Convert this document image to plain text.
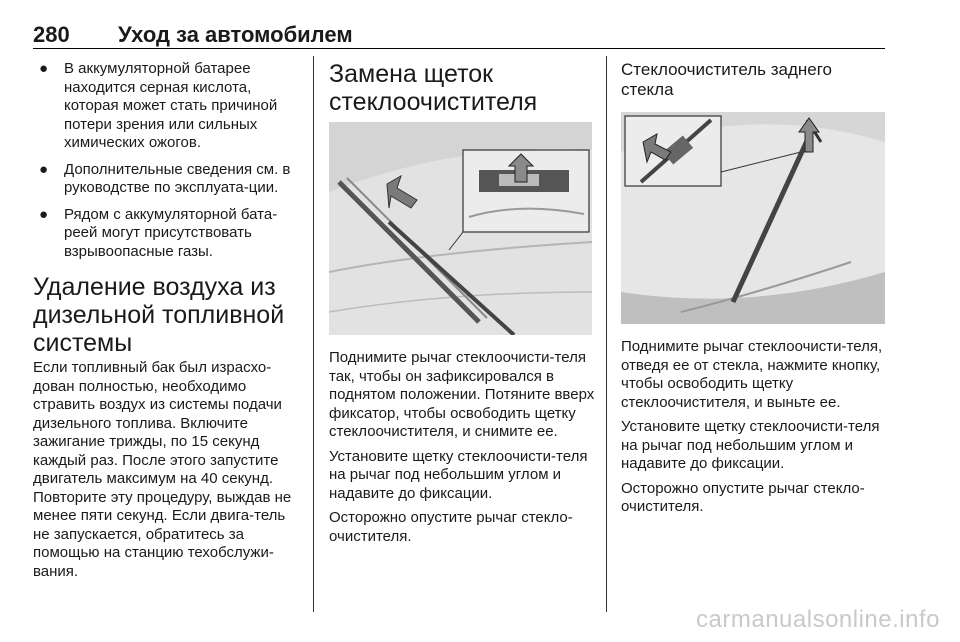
280 Уход за автомобилем
● В аккумуляторной батарее находится серная кислота, которая может стать причиной потери зрения или сильных химических ожогов.
● Дополнительные сведения см. в руководстве по эксплуата-ции.
● Рядом с аккумуляторной бата-реей могут присутствовать взрывоопасные газы.
Удаление воздуха из дизельной топливной системы

Если топливный бак был израсхо-дован полностью, необходимо стравить воздух из системы подачи дизельного топлива. Включите зажигание трижды, по 15 секунд каждый раз. После этого запустите двигатель максимум на 40 секунд. Повторите эту процедуру, выждав не менее пяти секунд. Если двига-тель не запускается, обратитесь за помощью на станцию техобслужи-вания.

Замена щеток стеклоочистителя

Поднимите рычаг стеклоочисти-теля так, чтобы он зафиксировался в поднятом положении. Потяните вверх фиксатор, чтобы освободить щетку стеклоочистителя, и снимите ее.

Установите щетку стеклоочисти-теля на рычаг под небольшим углом и надавите до фиксации.

Осторожно опустите рычаг стекло-очистителя.

Стеклоочиститель заднего стекла

Поднимите рычаг стеклоочисти-теля, отведя ее от стекла, нажмите кнопку, чтобы освободить щетку стеклоочистителя, и выньте ее.

Установите щетку стеклоочисти-теля на рычаг под небольшим углом и надавите до фиксации.

Осторожно опустите рычаг стекло-очистителя.

carmanualsonline.info
